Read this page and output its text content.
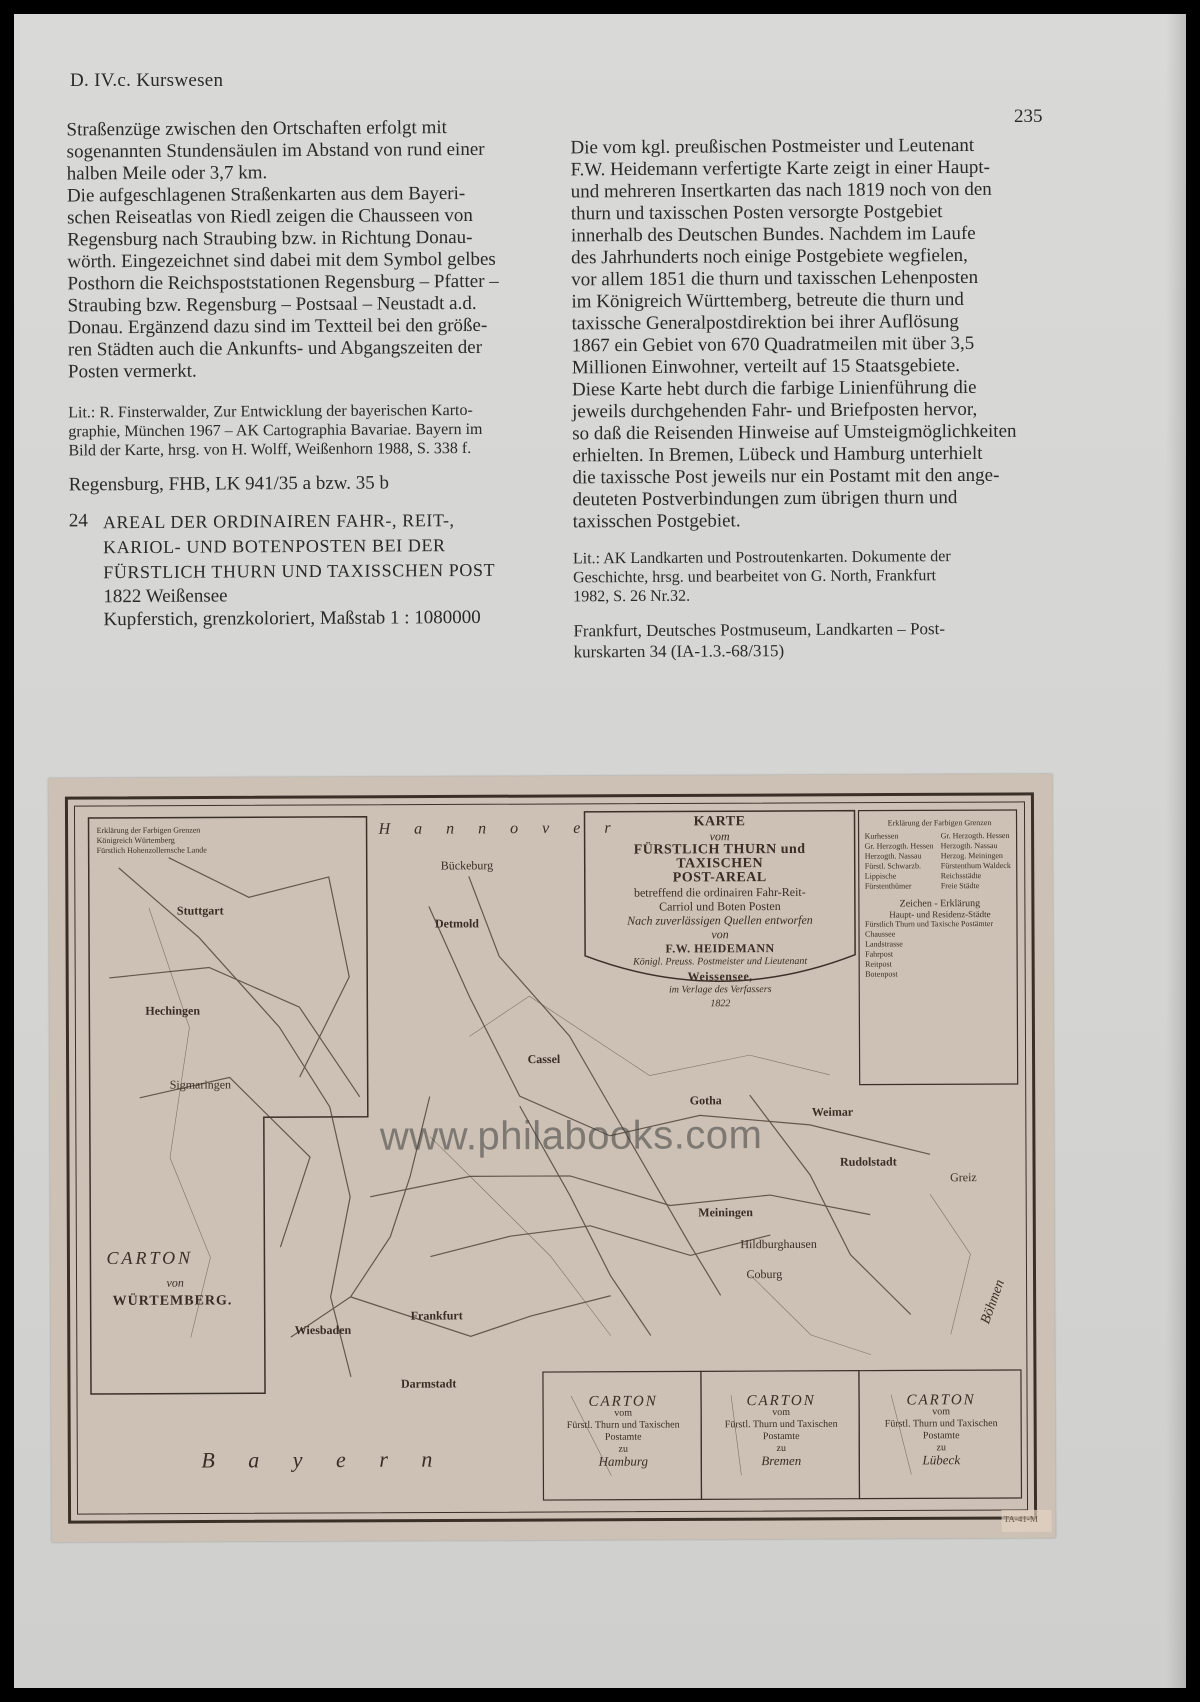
D. IV.c. Kurswesen
235

Straßenzüge zwischen den Ortschaften erfolgt mit

sogenannten Stundensäulen im Abstand von rund einer

halben Meile oder 3,7 km.

Die aufgeschlagenen Straßenkarten aus dem Bayeri-

schen Reiseatlas von Riedl zeigen die Chausseen von

Regensburg nach Straubing bzw. in Richtung Donau-

wörth. Eingezeichnet sind dabei mit dem Symbol gelbes

Posthorn die Reichspoststationen Regensburg – Pfatter –

Straubing bzw. Regensburg – Postsaal – Neustadt a.d.

Donau. Ergänzend dazu sind im Textteil bei den größe-

ren Städten auch die Ankunfts- und Abgangszeiten der

Posten vermerkt.

Lit.: R. Finsterwalder, Zur Entwicklung der bayerischen Karto-

graphie, München 1967 – AK Cartographia Bavariae. Bayern im

Bild der Karte, hrsg. von H. Wolff, Weißenhorn 1988, S. 338 f.

Regensburg, FHB, LK 941/35 a bzw. 35 b

24 AREAL DER ORDINAIREN FAHR-, REIT-,
KARIOL- UND BOTENPOSTEN BEI DER
FÜRSTLICH THURN UND TAXISSCHEN POST
1822 Weißensee
Kupferstich, grenzkoloriert, Maßstab 1 : 1080000

Die vom kgl. preußischen Postmeister und Leutenant

F.W. Heidemann verfertigte Karte zeigt in einer Haupt-

und mehreren Insertkarten das nach 1819 noch von den

thurn und taxisschen Posten versorgte Postgebiet

innerhalb des Deutschen Bundes. Nachdem im Laufe

des Jahrhunderts noch einige Postgebiete wegfielen,

vor allem 1851 die thurn und taxisschen Lehenposten

im Königreich Württemberg, betreute die thurn und

taxissche Generalpostdirektion bei ihrer Auflösung

1867 ein Gebiet von 670 Quadratmeilen mit über 3,5

Millionen Einwohner, verteilt auf 15 Staatsgebiete.

Diese Karte hebt durch die farbige Linienführung die

jeweils durchgehenden Fahr- und Briefposten hervor,

so daß die Reisenden Hinweise auf Umsteigmöglichkeiten

erhielten. In Bremen, Lübeck und Hamburg unterhielt

die taxissche Post jeweils nur ein Postamt mit den ange-

deuteten Postverbindungen zum übrigen thurn und

taxisschen Postgebiet.

Lit.: AK Landkarten und Postroutenkarten. Dokumente der

Geschichte, hrsg. und bearbeitet von G. North, Frankfurt

1982, S. 26 Nr.32.

Frankfurt, Deutsches Postmuseum, Landkarten – Post-

kurskarten 34 (IA-1.3.-68/315)

KARTE
vom
FÜRSTLICH THURN und TAXISCHEN
POST-AREAL
betreffend die ordinairen Fahr-Reit-
Carriol und Boten Posten
Nach zuverlässigen Quellen entworfen
von
F.W. HEIDEMANN
Königl. Preuss. Postmeister und Lieutenant
Weissensee,
im Verlage des Verfassers
1822
Erklärung der Farbigen Grenzen
Königreich Würtemberg
Fürstlich Hohenzollernsche Lande
Erklärung der Farbigen Grenzen
Kurhessen
Gr. Herzogth. Hessen
Herzogth. Nassau
Fürstl. Schwarzb.
Lippische
Fürstenthümer
Gr. Herzogth. Hessen
Herzogth. Nassau
Herzog. Meiningen
Fürstenthum Waldeck
Reichsstädte
Freie Städte
Zeichen - Erklärung
Haupt- und Residenz-Städte
Fürstlich Thurn und Taxische Postämter
Chaussee
Landstrasse
Fahrpost
Reitpost
Botenpost
Stuttgart
Hechingen
Sigmaringen
Cassel
Weimar
Gotha
Meiningen
Hildburghausen
Coburg
Rudolstadt
Greiz
Detmold
Bückeburg
Wiesbaden
Frankfurt
Darmstadt
Böhmen
B a y e r n
H a n n o v e r
CARTON
von
WÜRTEMBERG.
www.philabooks.com
CARTON
vom
Fürstl. Thurn und Taxischen Postamte
zu
Hamburg
CARTON
vom
Fürstl. Thurn und Taxischen Postamte
zu
Bremen
CARTON
vom
Fürstl. Thurn und Taxischen Postamte
zu
Lübeck
TA-41-M
